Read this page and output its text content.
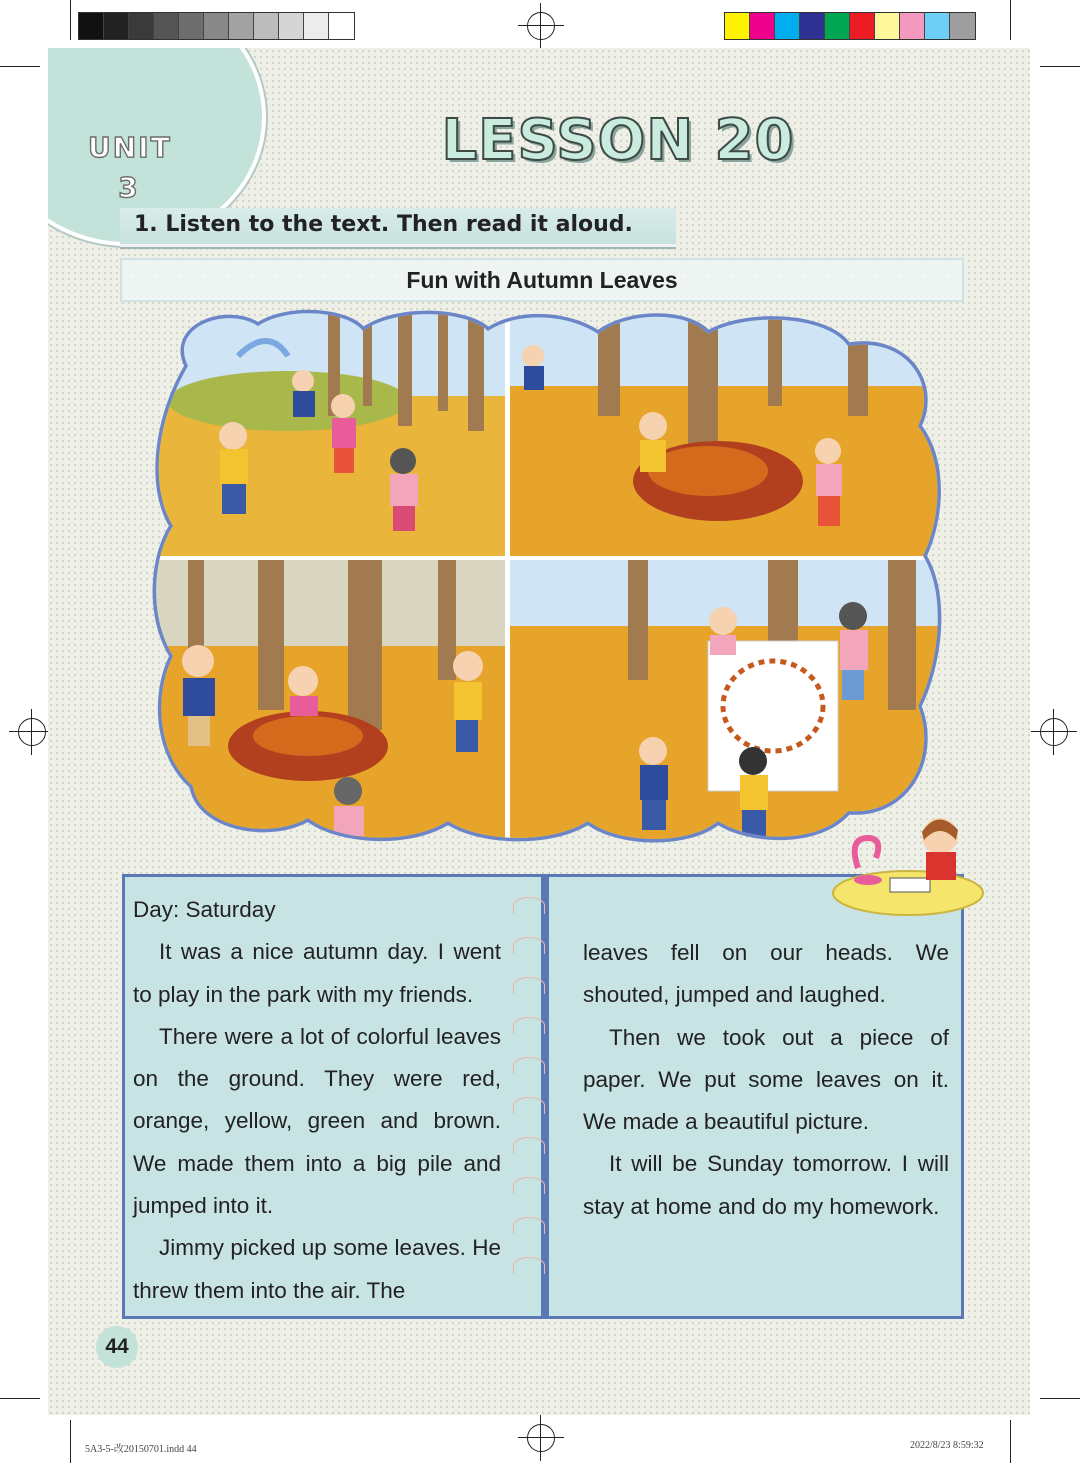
UNIT
3
LESSON 20
1. Listen to the text. Then read it aloud.
Fun with Autumn Leaves

Day: Saturday

It was a nice autumn day. I went to play in the park with my friends.

There were a lot of colorful leaves on the ground. They were red, orange, yellow, green and brown. We made them into a big pile and jumped into it.

Jimmy picked up some leaves. He threw them into the air. The

leaves fell on our heads. We shouted, jumped and laughed.

Then we took out a piece of paper. We put some leaves on it. We made a beautiful picture.

It will be Sunday tomorrow. I will stay at home and do my homework.

44
5A3-5-改20150701.indd 44	2022/8/23 8:59:32
